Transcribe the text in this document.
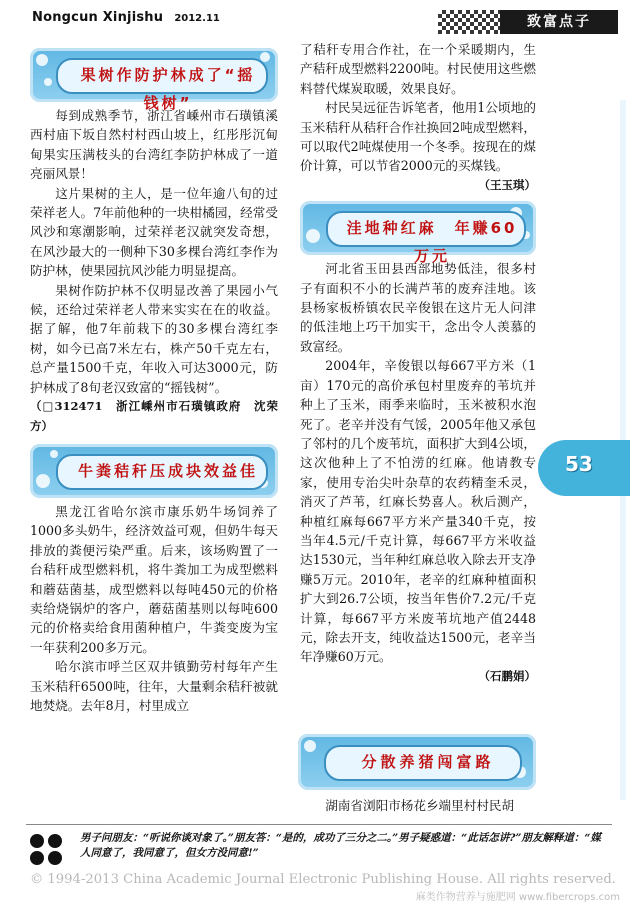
Nongcun Xinjishu 2012.11	致富点子
53
果树作防护林成了“摇钱树”

每到成熟季节，浙江省嵊州市石璜镇溪西村庙下坂自然村村西山坡上，红彤彤沉甸甸果实压满枝头的台湾红李防护林成了一道亮丽风景！

这片果树的主人，是一位年逾八旬的过荣祥老人。7年前他种的一块柑橘园，经常受风沙和寒潮影响，过荣祥老汉就突发奇想，在风沙最大的一侧种下30多棵台湾红李作为防护林，使果园抗风沙能力明显提高。

果树作防护林不仅明显改善了果园小气候，还给过荣祥老人带来实实在在的收益。据了解，他7年前栽下的30多棵台湾红李树，如今已高7米左右，株产50千克左右，总产量1500千克，年收入可达3000元，防护林成了8旬老汉致富的“摇钱树”。

（□312471　 浙江嵊州市石璜镇政府　沈荣方）
牛粪秸秆压成块效益佳

黑龙江省哈尔滨市康乐奶牛场饲养了1000多头奶牛，经济效益可观，但奶牛每天排放的粪便污染严重。后来，该场购置了一台秸秆成型燃料机，将牛粪加工为成型燃料和蘑菇菌基，成型燃料以每吨450元的价格卖给烧锅炉的客户，蘑菇菌基则以每吨600元的价格卖给食用菌种植户，牛粪变废为宝一年获利200多万元。

哈尔滨市呼兰区双井镇勤劳村每年产生玉米秸秆6500吨，往年，大量剩余秸秆被就地焚烧。去年8月，村里成立

了秸秆专用合作社，在一个采暖期内，生产秸秆成型燃料2200吨。村民使用这些燃料替代煤炭取暖，效果良好。

村民吴远征告诉笔者，他用1公顷地的玉米秸秆从秸秆合作社换回2吨成型燃料，可以取代2吨煤使用一个冬季。按现在的煤价计算，可以节省2000元的买煤钱。

（王玉琪）
洼地种红麻　年赚60万元

河北省玉田县西部地势低洼，很多村子有面积不小的长满芦苇的废弃洼地。该县杨家板桥镇农民辛俊银在这片无人问津的低洼地上巧干加实干，念出令人羡慕的致富经。

2004年，辛俊银以每667平方米（1亩）170元的高价承包村里废弃的苇坑并种上了玉米，雨季来临时，玉米被积水泡死了。老辛并没有气馁，2005年他又承包了邻村的几个废苇坑，面积扩大到4公顷，这次他种上了不怕涝的红麻。他请教专家，使用专治尖叶杂草的农药精奎禾灵，消灭了芦苇，红麻长势喜人。秋后测产，种植红麻每667平方米产量340千克，按当年4.5元/千克计算，每667平方米收益达1530元，当年种红麻总收入除去开支净赚5万元。2010年，老辛的红麻种植面积扩大到26.7公顷，按当年售价7.2元/千克计算，每667平方米废苇坑地产值2448元，除去开支，纯收益达1500元，老辛当年净赚60万元。

（石鹏娟）
分散养猪闯富路

湖南省浏阳市杨花乡端里村村民胡

男子问朋友：“听说你谈对象了。”朋友答：“是的，成功了三分之二。”男子疑惑道：“此话怎讲?”朋友解释道：“媒人同意了，我同意了，但女方没同意!”
© 1994-2013 China Academic Journal Electronic Publishing House. All rights reserved.
麻类作物营养与施肥网 www.fibercrops.com
